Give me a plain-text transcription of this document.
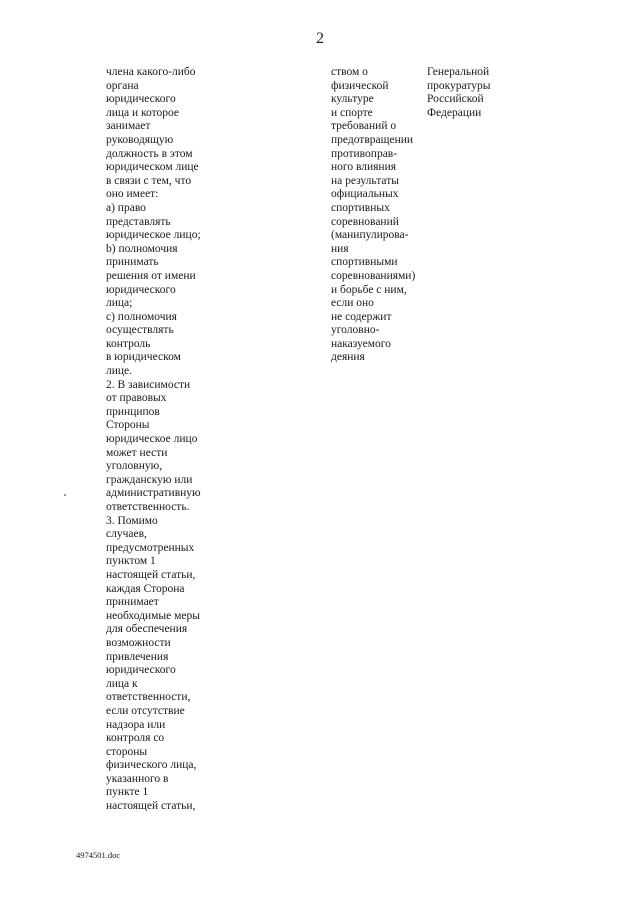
2
члена какого-либо
органа
юридического
лица и которое
занимает
руководящую
должность в этом
юридическом лице
в связи с тем, что
оно имеет:
a) право
представлять
юридическое лицо;
b) полномочия
принимать
решения от имени
юридического
лица;
c) полномочия
осуществлять
контроль
в юридическом
лице.
2. В зависимости
от правовых
принципов
Стороны
юридическое лицо
может нести
уголовную,
гражданскую или
административную
ответственность.
3. Помимо
случаев,
предусмотренных
пунктом 1
настоящей статьи,
каждая Сторона
принимает
необходимые меры
для обеспечения
возможности
привлечения
юридического
лица к
ответственности,
если отсутствие
надзора или
контроля со
стороны
физического лица,
указанного в
пункте 1
настоящей статьи,
ством о
физической
культуре
и спорте
требований о
предотвращении
противоправ-
ного влияния
на результаты
официальных
спортивных
соревнований
(манипулирова-
ния
спортивными
соревнованиями)
и борьбе с ним,
если оно
не содержит
уголовно-
наказуемого
деяния
Генеральной
прокуратуры
Российской
Федерации
4974501.doc
